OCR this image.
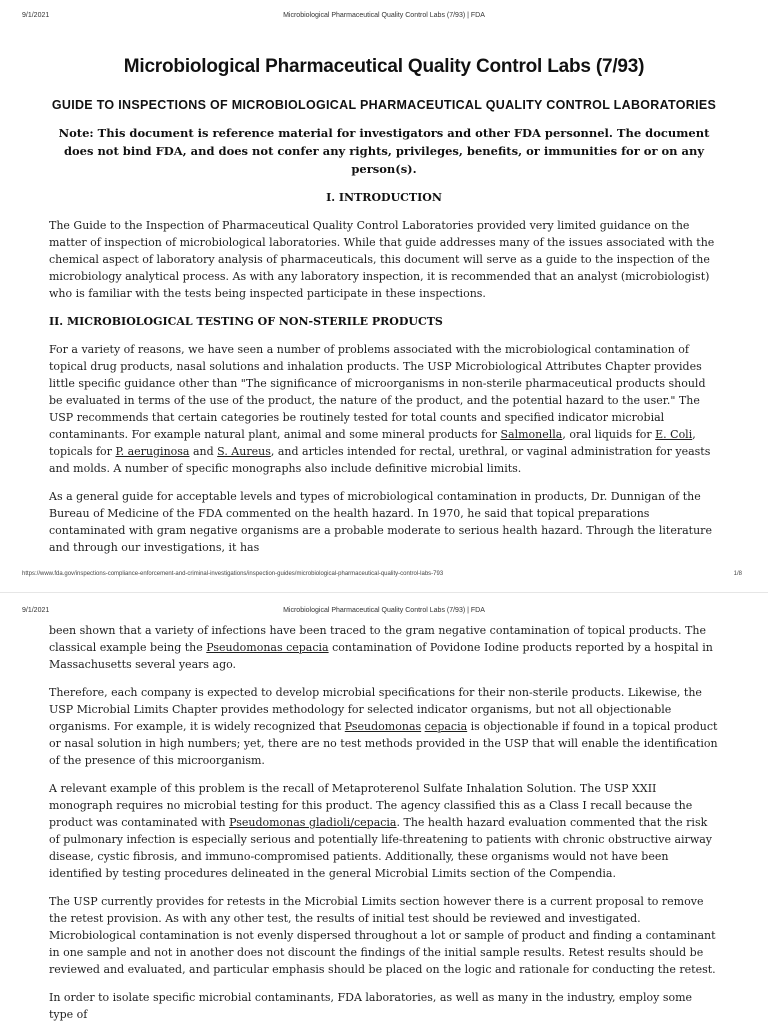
9/1/2021	Microbiological Pharmaceutical Quality Control Labs (7/93) | FDA
Microbiological Pharmaceutical Quality Control Labs (7/93)
GUIDE TO INSPECTIONS OF MICROBIOLOGICAL PHARMACEUTICAL QUALITY CONTROL LABORATORIES

Note: This document is reference material for investigators and other FDA personnel. The document does not bind FDA, and does not confer any rights, privileges, benefits, or immunities for or on any person(s).

I. INTRODUCTION

The Guide to the Inspection of Pharmaceutical Quality Control Laboratories provided very limited guidance on the matter of inspection of microbiological laboratories. While that guide addresses many of the issues associated with the chemical aspect of laboratory analysis of pharmaceuticals, this document will serve as a guide to the inspection of the microbiology analytical process. As with any laboratory inspection, it is recommended that an analyst (microbiologist) who is familiar with the tests being inspected participate in these inspections.

II. MICROBIOLOGICAL TESTING OF NON-STERILE PRODUCTS

For a variety of reasons, we have seen a number of problems associated with the microbiological contamination of topical drug products, nasal solutions and inhalation products. The USP Microbiological Attributes Chapter provides little specific guidance other than "The significance of microorganisms in non-sterile pharmaceutical products should be evaluated in terms of the use of the product, the nature of the product, and the potential hazard to the user." The USP recommends that certain categories be routinely tested for total counts and specified indicator microbial contaminants. For example natural plant, animal and some mineral products for Salmonella, oral liquids for E. Coli, topicals for P. aeruginosa and S. Aureus, and articles intended for rectal, urethral, or vaginal administration for yeasts and molds. A number of specific monographs also include definitive microbial limits.

As a general guide for acceptable levels and types of microbiological contamination in products, Dr. Dunnigan of the Bureau of Medicine of the FDA commented on the health hazard. In 1970, he said that topical preparations contaminated with gram negative organisms are a probable moderate to serious health hazard. Through the literature and through our investigations, it has

https://www.fda.gov/inspections-compliance-enforcement-and-criminal-investigations/inspection-guides/microbiological-pharmaceutical-quality-control-labs-793	1/8
9/1/2021	Microbiological Pharmaceutical Quality Control Labs (7/93) | FDA

been shown that a variety of infections have been traced to the gram negative contamination of topical products. The classical example being the Pseudomonas cepacia contamination of Povidone Iodine products reported by a hospital in Massachusetts several years ago.

Therefore, each company is expected to develop microbial specifications for their non-sterile products. Likewise, the USP Microbial Limits Chapter provides methodology for selected indicator organisms, but not all objectionable organisms. For example, it is widely recognized that Pseudomonas cepacia is objectionable if found in a topical product or nasal solution in high numbers; yet, there are no test methods provided in the USP that will enable the identification of the presence of this microorganism.

A relevant example of this problem is the recall of Metaproterenol Sulfate Inhalation Solution. The USP XXII monograph requires no microbial testing for this product. The agency classified this as a Class I recall because the product was contaminated with Pseudomonas gladioli/cepacia. The health hazard evaluation commented that the risk of pulmonary infection is especially serious and potentially life-threatening to patients with chronic obstructive airway disease, cystic fibrosis, and immuno-compromised patients. Additionally, these organisms would not have been identified by testing procedures delineated in the general Microbial Limits section of the Compendia.

The USP currently provides for retests in the Microbial Limits section however there is a current proposal to remove the retest provision. As with any other test, the results of initial test should be reviewed and investigated. Microbiological contamination is not evenly dispersed throughout a lot or sample of product and finding a contaminant in one sample and not in another does not discount the findings of the initial sample results. Retest results should be reviewed and evaluated, and particular emphasis should be placed on the logic and rationale for conducting the retest.

In order to isolate specific microbial contaminants, FDA laboratories, as well as many in the industry, employ some type of
